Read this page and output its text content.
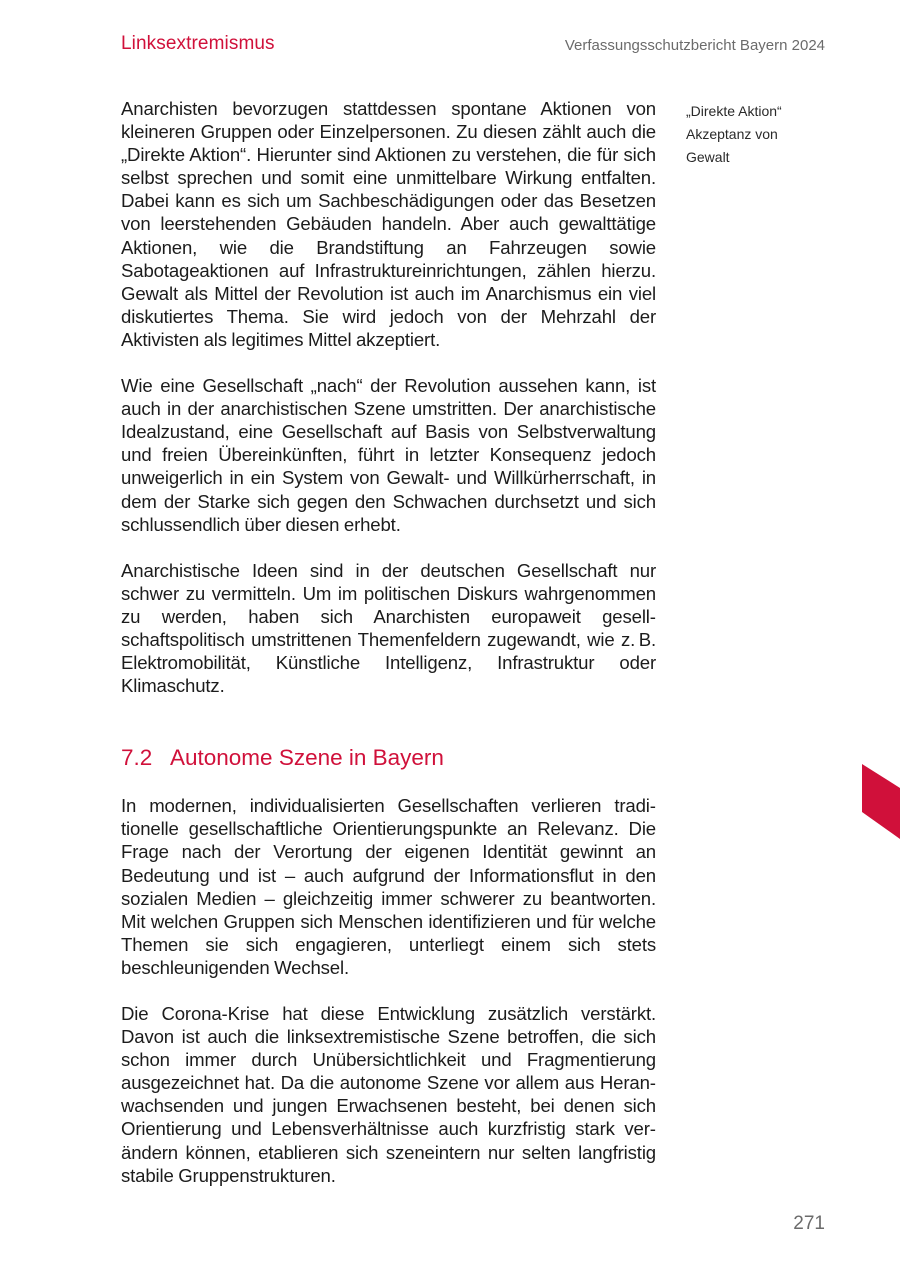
Linksextremismus	Verfassungsschutzbericht Bayern 2024

Anarchisten bevorzugen stattdessen spontane Aktionen von kleineren Gruppen oder Einzelpersonen. Zu diesen zählt auch die „Direkte Aktion“. Hierunter sind Aktionen zu verstehen, die für sich selbst sprechen und somit eine unmittelbare Wirkung entfalten. Dabei kann es sich um Sachbeschädigungen oder das Besetzen von leerstehenden Gebäuden handeln. Aber auch gewalttätige Aktionen, wie die Brandstiftung an Fahrzeugen sowie Sabotageaktionen auf Infrastruktureinrichtungen, zählen hierzu. Gewalt als Mittel der Revolution ist auch im Anarchismus ein viel diskutiertes Thema. Sie wird jedoch von der Mehrzahl der Aktivisten als legitimes Mittel akzeptiert.

Wie eine Gesellschaft „nach“ der Revolution aussehen kann, ist auch in der anarchistischen Szene umstritten. Der anarchistische Idealzustand, eine Gesellschaft auf Basis von Selbstverwaltung und freien Übereinkünften, führt in letzter Konsequenz jedoch unweigerlich in ein System von Gewalt- und Willkürherrschaft, in dem der Starke sich gegen den Schwachen durchsetzt und sich schlussendlich über diesen erhebt.

Anarchistische Ideen sind in der deutschen Gesellschaft nur schwer zu vermitteln. Um im politischen Diskurs wahrgenommen zu werden, haben sich Anarchisten europaweit gesellschaftspolitisch umstrittenen Themenfeldern zugewandt, wie z. B. Elektromobilität, Künstliche Intelligenz, Infrastruktur oder Klimaschutz.

7.2 Autonome Szene in Bayern

In modernen, individualisierten Gesellschaften verlieren traditionelle gesellschaftliche Orientierungspunkte an Relevanz. Die Frage nach der Verortung der eigenen Identität gewinnt an Bedeutung und ist – auch aufgrund der Informationsflut in den sozialen Medien – gleichzeitig immer schwerer zu beantworten. Mit welchen Gruppen sich Menschen identifizieren und für welche Themen sie sich engagieren, unterliegt einem sich stets beschleunigenden Wechsel.

Die Corona-Krise hat diese Entwicklung zusätzlich verstärkt. Davon ist auch die linksextremistische Szene betroffen, die sich schon immer durch Unübersichtlichkeit und Fragmentierung ausgezeichnet hat. Da die autonome Szene vor allem aus Heranwachsenden und jungen Erwachsenen besteht, bei denen sich Orientierung und Lebensverhältnisse auch kurzfristig stark verändern können, etablieren sich szeneintern nur selten langfristig stabile Gruppenstrukturen.

„Direkte Aktion“
Akzeptanz von
Gewalt
271
